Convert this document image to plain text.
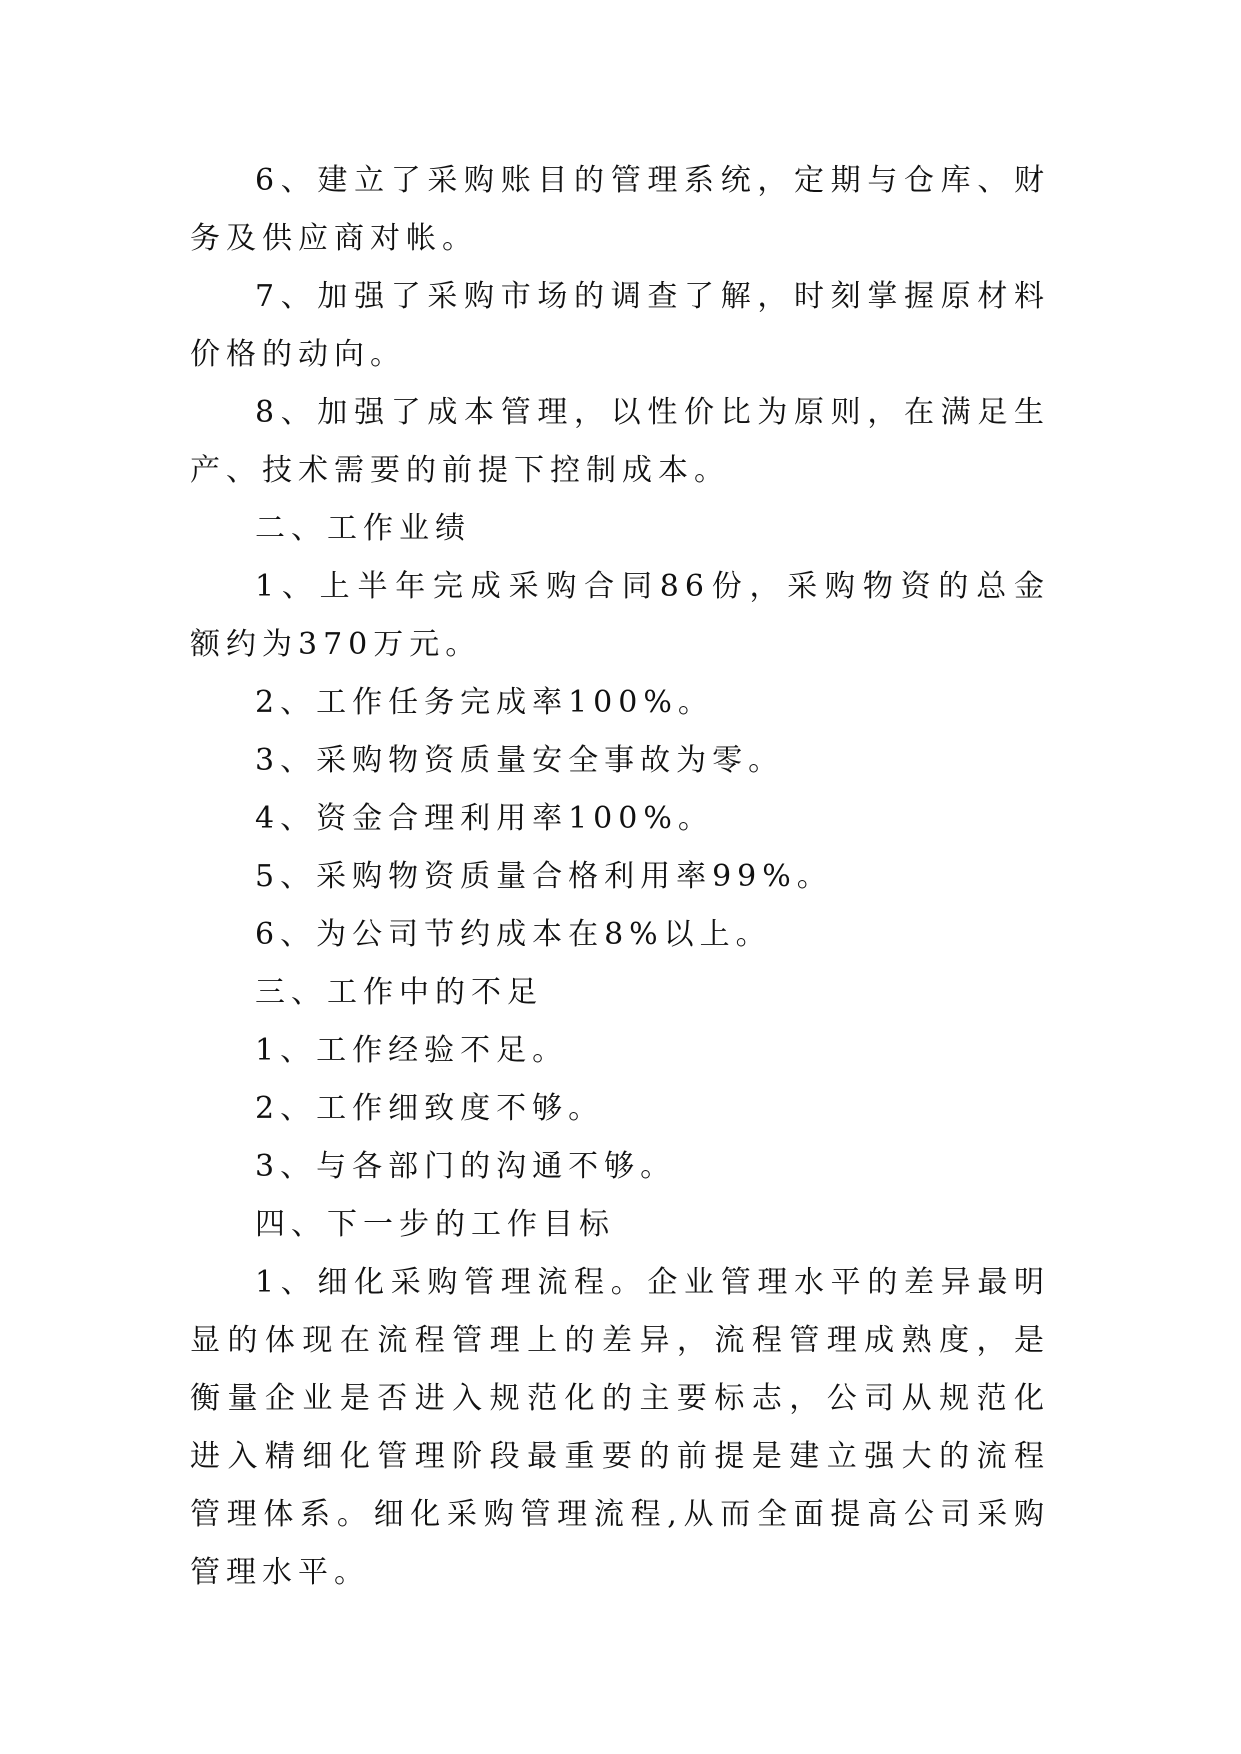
6、建立了采购账目的管理系统，定期与仓库、财务及供应商对帐。

7、加强了采购市场的调查了解，时刻掌握原材料价格的动向。

8、加强了成本管理，以性价比为原则，在满足生产、技术需要的前提下控制成本。

二、工作业绩

1、上半年完成采购合同86份，采购物资的总金额约为370万元。

2、工作任务完成率100%。

3、采购物资质量安全事故为零。

4、资金合理利用率100%。

5、采购物资质量合格利用率99%。

6、为公司节约成本在8%以上。

三、工作中的不足

1、工作经验不足。

2、工作细致度不够。

3、与各部门的沟通不够。

四、下一步的工作目标

1、细化采购管理流程。企业管理水平的差异最明显的体现在流程管理上的差异，流程管理成熟度，是衡量企业是否进入规范化的主要标志，公司从规范化进入精细化管理阶段最重要的前提是建立强大的流程管理体系。细化采购管理流程,从而全面提高公司采购管理水平。
